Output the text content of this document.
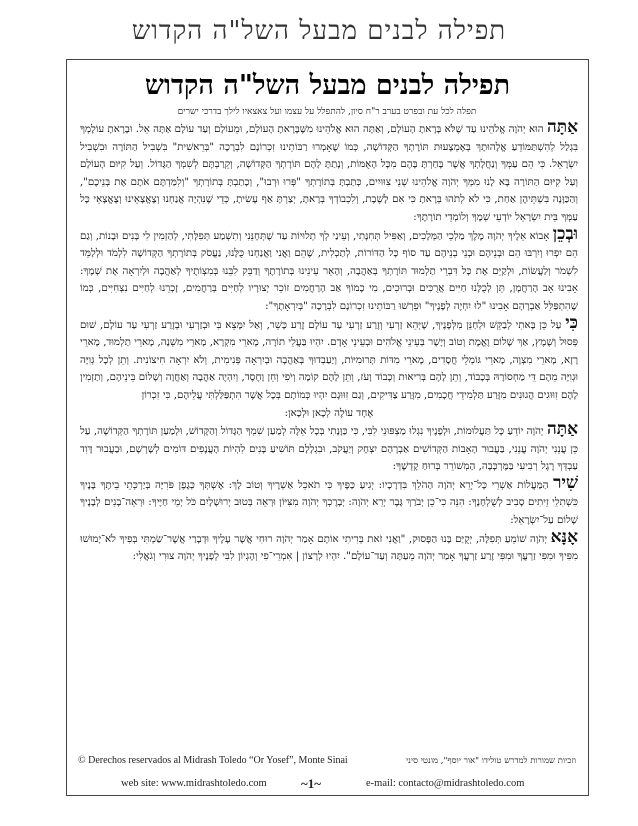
תפילה לבנים מבעל השל"ה הקדוש
תפילה לבנים מבעל השל"ה הקדוש
תפלה לכל עת ובפרט בערב ר"ח סיון, להתפלל על עצמו ועל צאצאיו לילך בדרכי ישרים

אַתָּה הוּא יְהֹוָה אֱלֹהֵינוּ עַד שֶׁלֹּא בָּרָאתָ הָעוֹלָם, וְאַתָּה הוּא אֱלֹהֵינוּ מִשֶּׁבָּרָאתָ הָעוֹלָם, וּמֵעוֹלָם וְעַד עוֹלָם אַתָּה אֵל. וּבָרָאתָ עוֹלָמְךָ בִּגְלַל לְהִשְׁתַּמּוֹדֵעַ אֱלָהוּתָךְ בְּאֶמְצָעוּת תּוֹרָתְךָ הַקְּדוֹשָׁה, כְּמוֹ שֶׁאָמְרוּ רַבּוֹתֵינוּ זִכְרוֹנָם לִבְרָכָה "בְּרֵאשִׁית" בִּשְׁבִיל הַתּוֹרָה וּבִשְׁבִיל יִשְׂרָאֵל. כִּי הֵם עַמְּךָ וְנַחֲלָתְךָ אֲשֶׁר בָּחַרְתָּ בָּהֶם מִכָּל הָאֻמּוֹת, וְנָתַתָּ לָהֶם תּוֹרָתְךָ הַקְּדוֹשָׁה, וְקֵרַבְתָּם לְשִׁמְךָ הַגָּדוֹל. וְעַל קִיּוּם הָעוֹלָם וְעַל קִיּוּם הַתּוֹרָה בָּא לָנוּ מִמְּךָ יְהֹוָה אֱלֹהֵינוּ שְׁנֵי צִוּוּיִים, כְּתַבְתָּ בְּתוֹרָתְךָ "פְּרוּ וּרְבוּ", וְכָתַבְתָּ בְּתוֹרָתְךָ "וְלִמַּדְתֶּם אֹתָם אֶת בְּנֵיכֶם", וְהַכַּוָּנָה בִּשְׁתֵּיהֶן אַחַת, כִּי לֹא לְתֹהוּ בְּרָאתָ כִּי אִם לָשֶׁבֶת, וְלִכְבוֹדְךָ בְּרָאתָ, יְצַרְתָּ אַף עָשִׂיתָ, כְּדֵי שֶׁנִּהְיֶה אֲנַחְנוּ וְצֶאֱצָאֵינוּ וְצֶאֱצָאֵי כָּל עַמְּךָ בֵּית יִשְׂרָאֵל יוֹדְעֵי שְׁמֶךָ וְלוֹמְדֵי תוֹרָתֶךָ:

וּבְכֵן אָבוֹא אֵלֶיךָ יְהֹוָה מֶלֶךְ מַלְכֵי הַמְּלָכִים, וְאַפִּיל תְּחִנָּתִי, וְעֵינַי לְךָ תְלוּיוֹת עַד שֶׁתְּחָנֵּנִי וְתִשְׁמַע תְּפִלָּתִי, לְהַזְמִין לִי בָּנִים וּבָנוֹת, וְגַם הֵם יִפְרוּ וְיִרְבּוּ הֵם וּבְנֵיהֶם וּבְנֵי בְנֵיהֶם עַד סוֹף כָּל הַדּוֹרוֹת, לְתַכְלִית, שֶׁהֵם וַאֲנִי וַאֲנַחְנוּ כֻּלָּנוּ, נַעֲסֹק בְּתוֹרָתְךָ הַקְּדוֹשָׁה לִלְמֹד וּלְלַמֵּד לִשְׁמֹר וְלַעֲשׂוֹת, וּלְקַיֵּם אֶת כָּל דִּבְרֵי תַלְמוּד תּוֹרָתְךָ בְּאַהֲבָה, וְהָאֵר עֵינֵינוּ בְּתוֹרָתֶךָ וְדַבֵּק לִבֵּנוּ בְּמִצְוֹתֶיךָ לְאַהֲבָה וּלְיִרְאָה אֶת שְׁמֶךָ: אָבִינוּ אָב הָרַחֲמָן, תֵּן לְכֻלָּנוּ חַיִּים אֲרֻכִּים וּבְרוּכִים, מִי כָמוֹךָ אַב הָרַחֲמִים זוֹכֵר יְצוּרָיו לְחַיִּים בְּרַחֲמִים, זָכְרֵנוּ לְחַיִּים נִצְחִיִּים, כְּמוֹ שֶׁהִתְפַּלֵּל אַבְרָהָם אָבִינוּ "לוּ יִחְיֶה לְפָנֶיךָ" וּפֵרְשׁוּ רַבּוֹתֵינוּ זִכְרוֹנָם לִבְרָכָה "בְּיִרְאָתֶךָ":

כִּי עַל כֵּן בָּאתִי לְבַקֵּשׁ וּלְחַנֵּן מִלְּפָנֶיךָ, שֶׁיְּהֵא זַרְעִי וְזֶרַע זַרְעִי עַד עוֹלָם זֶרַע כָּשֵׁר, וְאַל יִמָּצֵא בִּי וּבְזַרְעִי וּבְזֶרַע זַרְעִי עַד עוֹלָם, שׁוּם פְּסוּל וְשֶׁמֶץ, אַךְ שָׁלוֹם וֶאֱמֶת וְטוֹב וְיָשָׁר בְּעֵינֵי אֱלֹהִים וּבְעֵינֵי אָדָם. יִהְיוּ בַּעֲלֵי תוֹרָה, מָארֵי מִקְרָא, מָארֵי מִשְׁנָה, מָארֵי תַלְמוּד, מָארֵי רָזָא, מָארֵי מִצְוָה, מָארֵי גּוֹמְלֵי חֲסָדִים, מָארֵי מִדּוֹת תְּרוּמִיּוֹת, וְיַעַבְדוּךָ בְּאַהֲבָה וּבְיִרְאָה פְּנִימִית, וְלֹא יִרְאָה חִיצוֹנִית. וְתֵן לְכָל גְּוִיָּה וּגְוִיָּה מֵהֶם דֵּי מַחְסוֹרָהּ בְּכָבוֹד, וְתֵן לָהֶם בְּרִיאוּת וְכָבוֹד וָעֹז, וְתֵן לָהֶם קוֹמָה וְיֹפִי וְחֵן וָחֶסֶד, וְיִהְיֶה אַהֲבָה וְאַחֲוָה וְשָׁלוֹם בֵּינֵיהֶם, וְתַזְמִין לָהֶם זִוּוּגִים הֲגוּנִים מִזֶּרַע תַּלְמִידֵי חֲכָמִים, מִזֶּרַע צַדִּיקִים, וְגַם זִוּוּגָם יִהְיוּ כְּמוֹתָם בְּכָל אֲשֶׁר הִתְפַּלַּלְתִּי עֲלֵיהֶם, כִּי זִכְרוֹן

אֶחָד עוֹלֶה לְכָאן וּלְכָאן:

אַתָּה יְהֹוָה יוֹדֵעַ כָּל תַּעֲלוּמוֹת, וּלְפָנֶיךָ נִגְלוּ מַצְפּוּנֵי לִבִּי, כִּי כַּוָּנָתִי בְּכָל אֵלֶּה לְמַעַן שִׁמְךָ הַגָּדוֹל וְהַקָּדוֹשׁ, וּלְמַעַן תּוֹרָתְךָ הַקְּדוֹשָׁה, עַל כֵּן עֲנֵנִי יְהֹוָה עֲנֵנִי, בַּעֲבוּר הָאָבוֹת הַקְּדוֹשִׁים אַבְרָהָם יִצְחָק וְיַעֲקֹב, וּבִגְלָלָם תּוֹשִׁיעַ בָּנִים לִהְיוֹת הָעֲנָפִים דּוֹמִים לְשָׁרְשָׁם, וּבַעֲבוּר דָּוִד עַבְדְּךָ רֶגֶל רְבִיעִי בַּמֶּרְכָּבָה, הַמְשׁוֹרֵר בְּרוּחַ קָדְשֶׁךָ:

שִׁיר הַמַּעֲלוֹת אַשְׁרֵי כָּל־יְרֵא יְהֹוָה הַהֹלֵךְ בִּדְרָכָיו: יְגִיעַ כַּפֶּיךָ כִּי תֹאכֵל אַשְׁרֶיךָ וְטוֹב לָךְ: אֶשְׁתְּךָ כְּגֶפֶן פֹּרִיָּה בְּיַרְכְּתֵי בֵיתֶךָ בָּנֶיךָ כִּשְׁתִלֵי זֵיתִים סָבִיב לְשֻׁלְחָנֶךָ: הִנֵּה כִי־כֵן יְבֹרַךְ גָּבֶר יְרֵא יְהֹוָה: יְבָרֶכְךָ יְהֹוָה מִצִּיּוֹן וּרְאֵה בְּטוּב יְרוּשָׁלָיִם כֹּל יְמֵי חַיֶּיךָ: וּרְאֵה־בָנִים לְבָנֶיךָ שָׁלוֹם עַל־יִשְׂרָאֵל:

אָנָּא יְהֹוָה שׁוֹמֵעַ תְּפִלָּה, יְקֻיַּם בָּנוּ הַפָּסוּק, "וַאֲנִי זֹאת בְּרִיתִי אוֹתָם אָמַר יְהֹוָה רוּחִי אֲשֶׁר עָלֶיךָ וּדְבָרַי אֲשֶׁר־שַׂמְתִּי בְּפִיךָ לֹא־יָמוּשׁוּ מִפִּיךָ וּמִפִּי זַרְעֲךָ וּמִפִּי זֶרַע זַרְעֲךָ אָמַר יְהֹוָה מֵעַתָּה וְעַד־עוֹלָם". יִהְיוּ לְרָצוֹן | אִמְרֵי־פִי וְהֶגְיוֹן לִבִּי לְפָנֶיךָ יְהֹוָה צוּרִי וְגֹאֲלִי:

© Derechos reservados al Midrash Toledo “Or Yosef”, Monte Sinai	וזכיות שמורות למדרש טולידו "אור יוסף", מונטי סיני
web site: www.midrashtoledo.com	~1~	e-mail: contacto@midrashtoledo.com
